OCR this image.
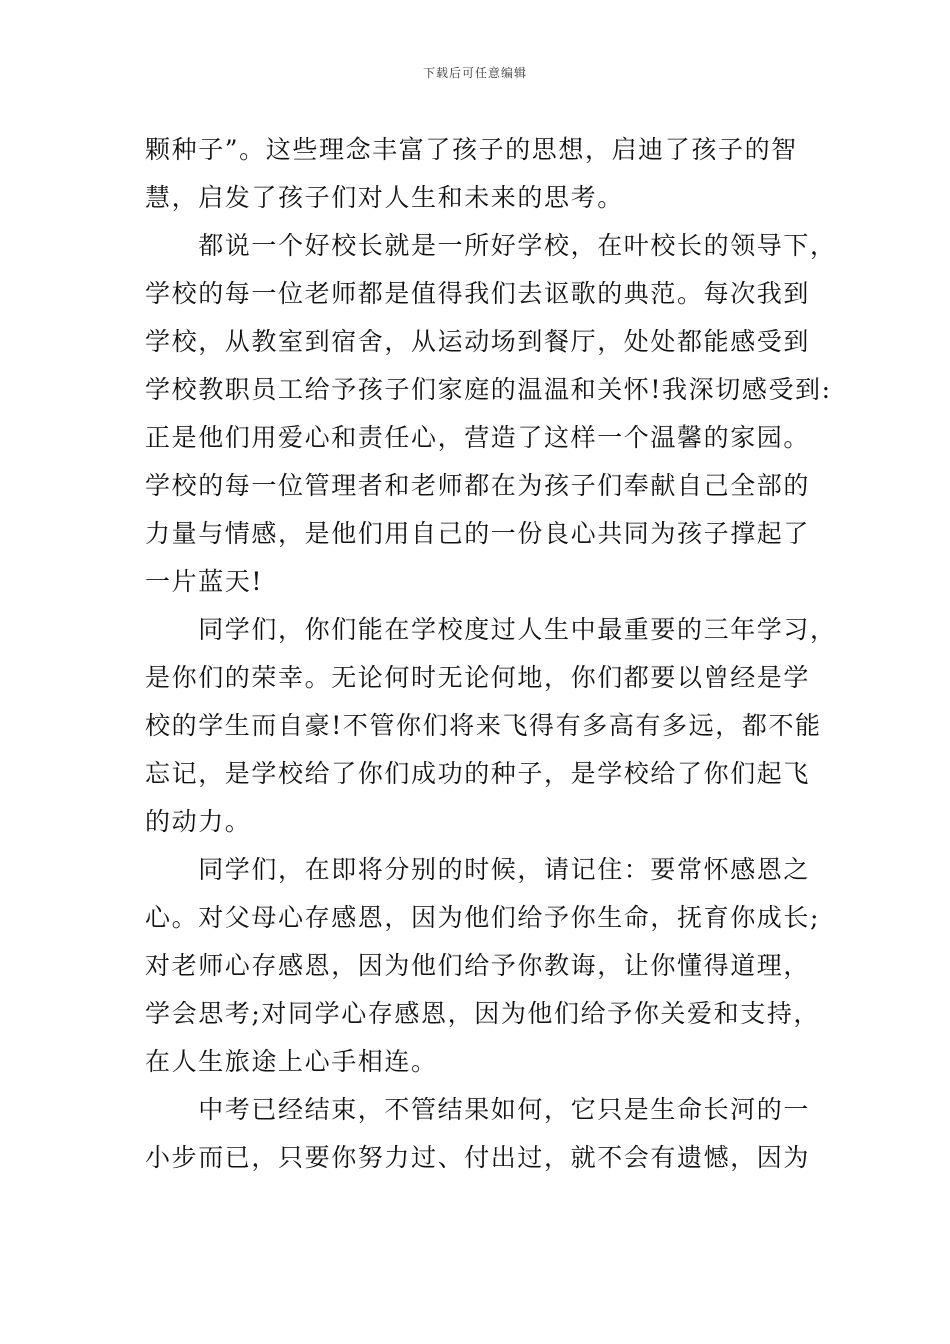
下载后可任意编辑
颗种子”。这些理念丰富了孩子的思想，启迪了孩子的智
慧，启发了孩子们对人生和未来的思考。
　　都说一个好校长就是一所好学校，在叶校长的领导下，
学校的每一位老师都是值得我们去讴歌的典范。每次我到
学校，从教室到宿舍，从运动场到餐厅，处处都能感受到
学校教职员工给予孩子们家庭的温温和关怀!我深切感受到:
正是他们用爱心和责任心，营造了这样一个温馨的家园。
学校的每一位管理者和老师都在为孩子们奉献自己全部的
力量与情感，是他们用自己的一份良心共同为孩子撑起了
一片蓝天!
　　同学们，你们能在学校度过人生中最重要的三年学习，
是你们的荣幸。无论何时无论何地，你们都要以曾经是学
校的学生而自豪!不管你们将来飞得有多高有多远，都不能
忘记，是学校给了你们成功的种子，是学校给了你们起飞
的动力。
　　同学们，在即将分别的时候，请记住：要常怀感恩之
心。对父母心存感恩，因为他们给予你生命，抚育你成长;
对老师心存感恩，因为他们给予你教诲，让你懂得道理，
学会思考;对同学心存感恩，因为他们给予你关爱和支持，
在人生旅途上心手相连。
　　中考已经结束，不管结果如何，它只是生命长河的一
小步而已，只要你努力过、付出过，就不会有遗憾，因为
